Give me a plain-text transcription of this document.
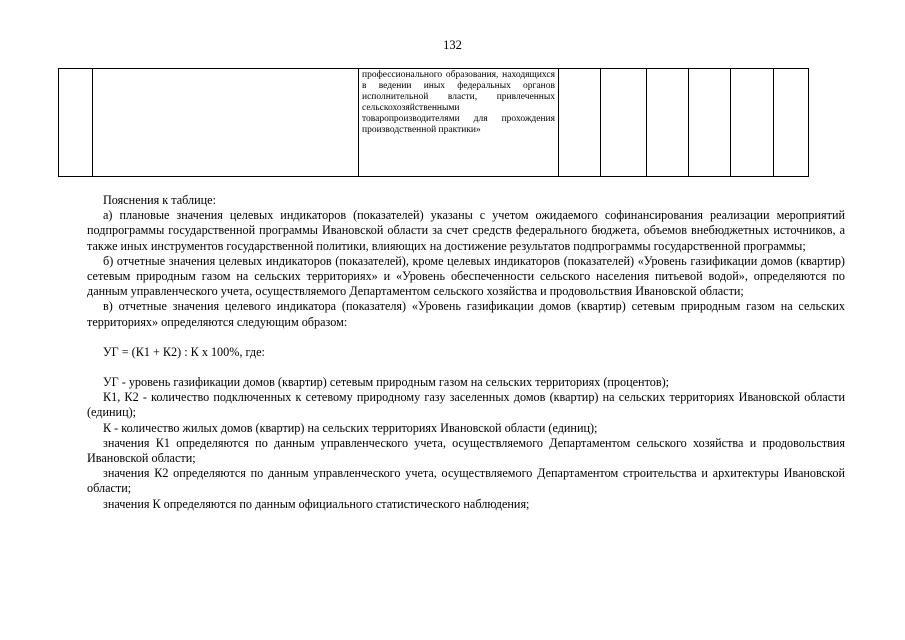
132
		профессионального образования, находящихся в ведении иных федеральных органов исполнительной власти, привлеченных сельскохозяйственными товаропроизводителями для прохождения производственной практики»						

Пояснения к таблице:

а) плановые значения целевых индикаторов (показателей) указаны с учетом ожидаемого софинансирования реализации мероприятий подпрограммы государственной программы Ивановской области за счет средств федерального бюджета, объемов внебюджетных источников, а также иных инструментов государственной политики, влияющих на достижение результатов подпрограммы государственной программы;

б) отчетные значения целевых индикаторов (показателей), кроме целевых индикаторов (показателей) «Уровень газификации домов (квартир) сетевым природным газом на сельских территориях» и «Уровень обеспеченности сельского населения питьевой водой», определяются по данным управленческого учета, осуществляемого Департаментом сельского хозяйства и продовольствия Ивановской области;

в) отчетные значения целевого индикатора (показателя) «Уровень газификации домов (квартир) сетевым природным газом на сельских территориях» определяются следующим образом:

УГ = (К1 + К2) : К x 100%, где:

УГ - уровень газификации домов (квартир) сетевым природным газом на сельских территориях (процентов);

К1, К2 - количество подключенных к сетевому природному газу заселенных домов (квартир) на сельских территориях Ивановской области (единиц);

К - количество жилых домов (квартир) на сельских территориях Ивановской области (единиц);

значения К1 определяются по данным управленческого учета, осуществляемого Департаментом сельского хозяйства и продовольствия Ивановской области;

значения К2 определяются по данным управленческого учета, осуществляемого Департаментом строительства и архитектуры Ивановской области;

значения К определяются по данным официального статистического наблюдения;
